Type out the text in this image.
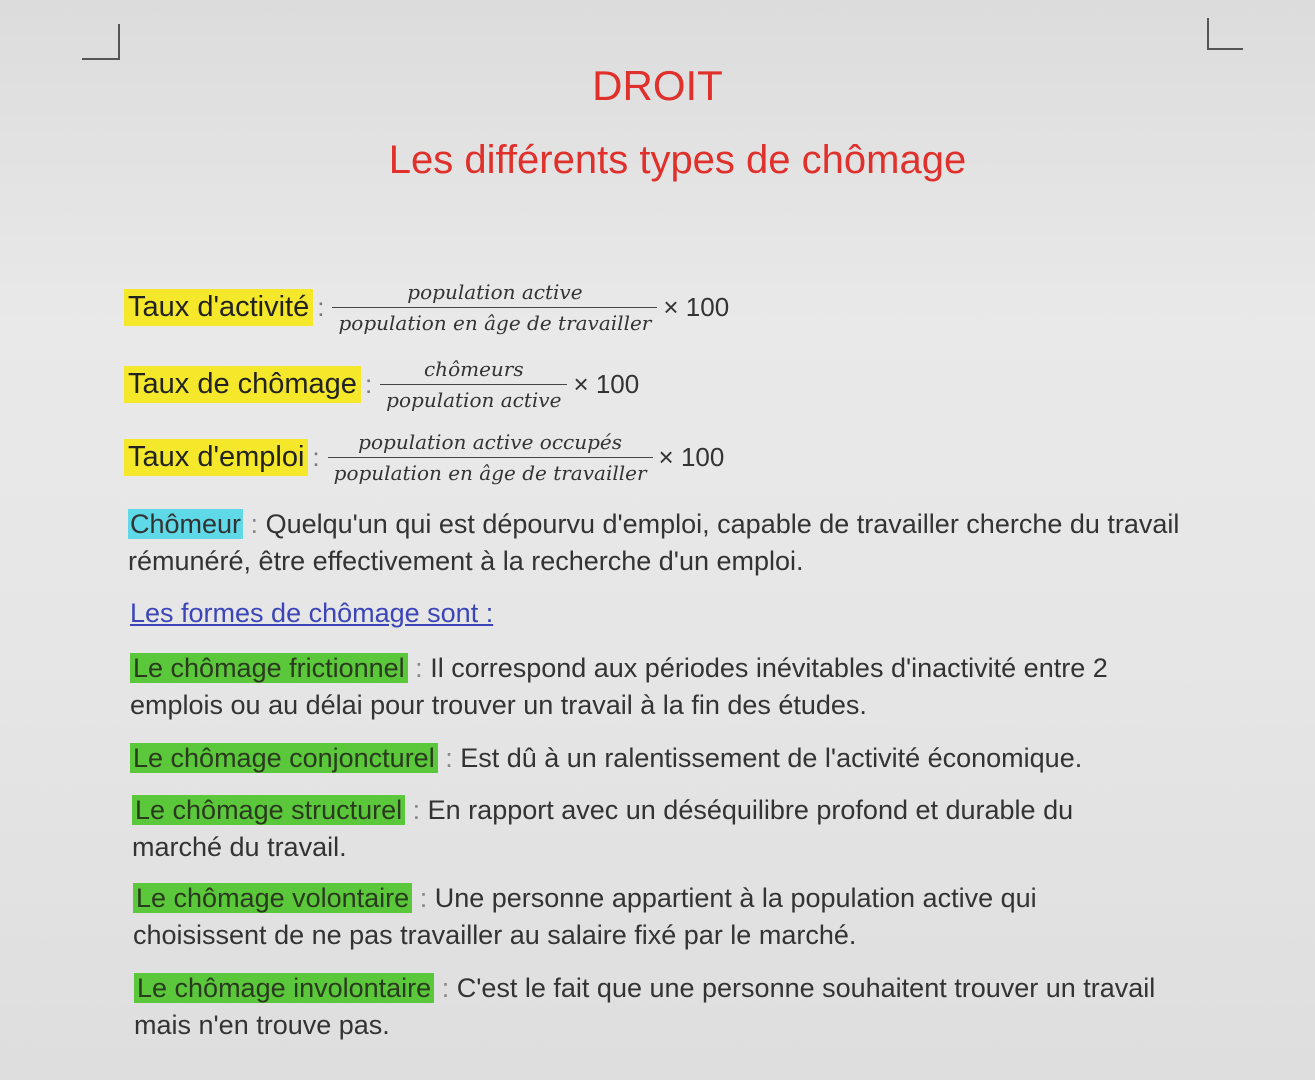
DROIT
Les différents types de chômage
Taux d'activité : $\frac{\text{population active}}{\text{population en âge de travailler}} \times 100$
Taux de chômage : $\frac{\text{chômeurs}}{\text{population active}} \times 100$
Taux d'emploi : $\frac{\text{population active occupés}}{\text{population en âge de travailler}} \times 100$
Chômeur : Quelqu'un qui est dépourvu d'emploi, capable de travailler cherche du travail rémunéré, être effectivement à la recherche d'un emploi.
Les formes de chômage sont :
Le chômage frictionnel : Il correspond aux périodes inévitables d'inactivité entre 2 emplois ou au délai pour trouver un travail à la fin des études.
Le chômage conjoncturel : Est dû à un ralentissement de l'activité économique.
Le chômage structurel : En rapport avec un déséquilibre profond et durable du marché du travail.
Le chômage volontaire : Une personne appartient à la population active qui choisissent de ne pas travailler au salaire fixé par le marché.
Le chômage involontaire : C'est le fait que une personne souhaitent trouver un travail mais n'en trouve pas.
